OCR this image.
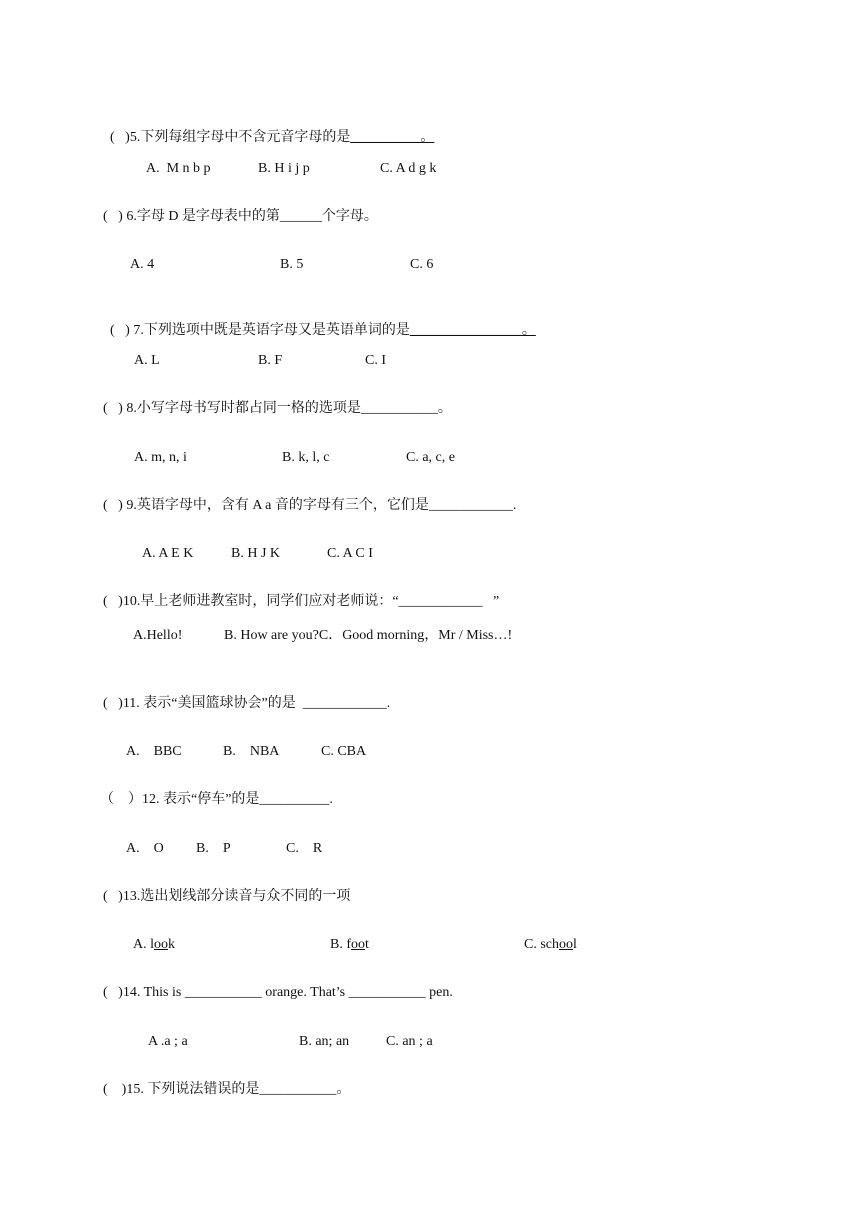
(   )5.下列每组字母中不含元音字母的是__________。

A.  M n b p	B. H i j p	C. A d g k
(   ) 6.字母 D 是字母表中的第______个字母。
A. 4	B. 5	C. 6

(   ) 7.下列选项中既是英语字母又是英语单词的是________________。

A. L	B. F	C. I
(   ) 8.小写字母书写时都占同一格的选项是___________。
A. m, n, i	B. k, l, c	C. a, c, e
(   ) 9.英语字母中，含有 A a 音的字母有三个，它们是____________.
A. A E K	B. H J K	C. A C I
(   )10.早上老师进教室时，同学们应对老师说：“____________   ”
A.Hello!	B. How are you?C．Good morning，Mr / Miss…!
(   )11. 表示“美国篮球协会”的是  ____________.
A.    BBC	B.    NBA	C. CBA
（    ）12. 表示“停车”的是__________.
A.    O B.    P	C.    R
(   )13.选出划线部分读音与众不同的一项
A. look	B. foot	C. school
(   )14. This is ___________ orange. That’s ___________ pen.
A .a ; a	B. an; an	C. an ; a
(    )15. 下列说法错误的是___________。
